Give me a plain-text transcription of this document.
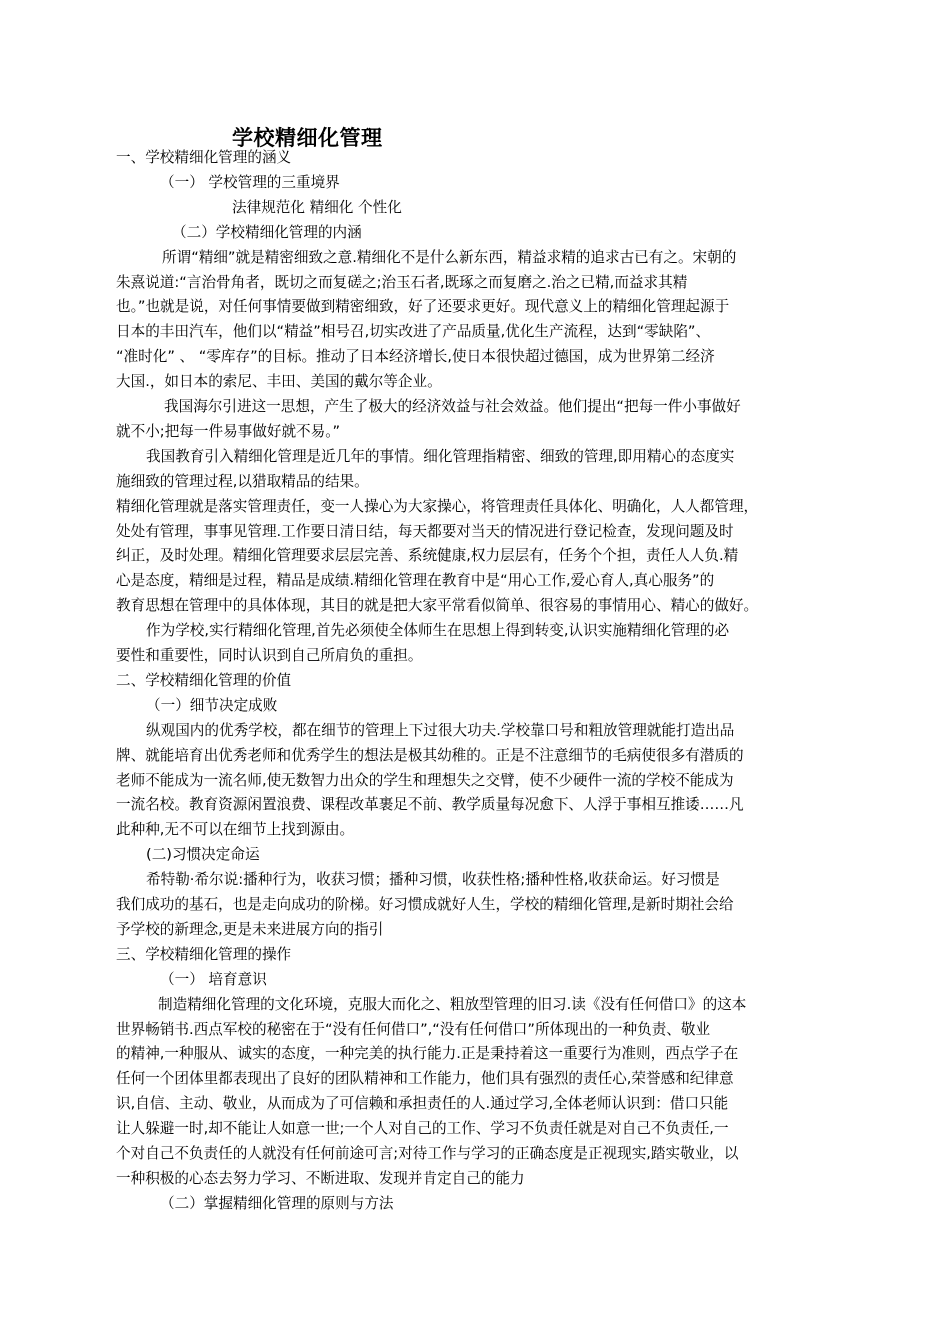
学校精细化管理
一、学校精细化管理的涵义
（一） 学校管理的三重境界
法律规范化 精细化 个性化
（二）学校精细化管理的内涵
所谓“精细”就是精密细致之意.精细化不是什么新东西，精益求精的追求古已有之。宋朝的
朱熹说道:“言治骨角者，既切之而复磋之;治玉石者,既琢之而复磨之.治之已精,而益求其精
也。”也就是说，对任何事情要做到精密细致，好了还要求更好。现代意义上的精细化管理起源于
日本的丰田汽车，他们以“精益”相号召,切实改进了产品质量,优化生产流程，达到“零缺陷”、
“准时化” 、 “零库存”的目标。推动了日本经济增长,使日本很快超过德国，成为世界第二经济
大国.，如日本的索尼、丰田、美国的戴尔等企业。
我国海尔引进这一思想，产生了极大的经济效益与社会效益。他们提出“把每一件小事做好
就不小;把每一件易事做好就不易。”
我国教育引入精细化管理是近几年的事情。细化管理指精密、细致的管理,即用精心的态度实
施细致的管理过程,以猎取精品的结果。
精细化管理就是落实管理责任，变一人操心为大家操心，将管理责任具体化、明确化，人人都管理，
处处有管理，事事见管理.工作要日清日结，每天都要对当天的情况进行登记检查，发现问题及时
纠正，及时处理。精细化管理要求层层完善、系统健康,权力层层有，任务个个担，责任人人负.精
心是态度，精细是过程，精品是成绩.精细化管理在教育中是“用心工作,爱心育人,真心服务”的
教育思想在管理中的具体体现，其目的就是把大家平常看似简单、很容易的事情用心、精心的做好。
作为学校,实行精细化管理,首先必须使全体师生在思想上得到转变,认识实施精细化管理的必
要性和重要性，同时认识到自己所肩负的重担。
二、学校精细化管理的价值
（一）细节决定成败
纵观国内的优秀学校，都在细节的管理上下过很大功夫.学校靠口号和粗放管理就能打造出品
牌、就能培育出优秀老师和优秀学生的想法是极其幼稚的。正是不注意细节的毛病使很多有潜质的
老师不能成为一流名师,使无数智力出众的学生和理想失之交臂，使不少硬件一流的学校不能成为
一流名校。教育资源闲置浪费、课程改革裹足不前、教学质量每况愈下、人浮于事相互推诿……凡
此种种,无不可以在细节上找到源由。
(二)习惯决定命运
希特勒·希尔说:播种行为，收获习惯；播种习惯，收获性格;播种性格,收获命运。好习惯是
我们成功的基石，也是走向成功的阶梯。好习惯成就好人生，学校的精细化管理,是新时期社会给
予学校的新理念,更是未来进展方向的指引
三、学校精细化管理的操作
（一） 培育意识
制造精细化管理的文化环境，克服大而化之、粗放型管理的旧习.读《没有任何借口》的这本
世界畅销书.西点军校的秘密在于“没有任何借口”,“没有任何借口”所体现出的一种负责、敬业
的精神,一种服从、诚实的态度，一种完美的执行能力.正是秉持着这一重要行为准则，西点学子在
任何一个团体里都表现出了良好的团队精神和工作能力，他们具有强烈的责任心,荣誉感和纪律意
识,自信、主动、敬业，从而成为了可信赖和承担责任的人.通过学习,全体老师认识到：借口只能
让人躲避一时,却不能让人如意一世;一个人对自己的工作、学习不负责任就是对自己不负责任,一
个对自己不负责任的人就没有任何前途可言;对待工作与学习的正确态度是正视现实,踏实敬业，以
一种积极的心态去努力学习、不断进取、发现并肯定自己的能力
（二）掌握精细化管理的原则与方法
